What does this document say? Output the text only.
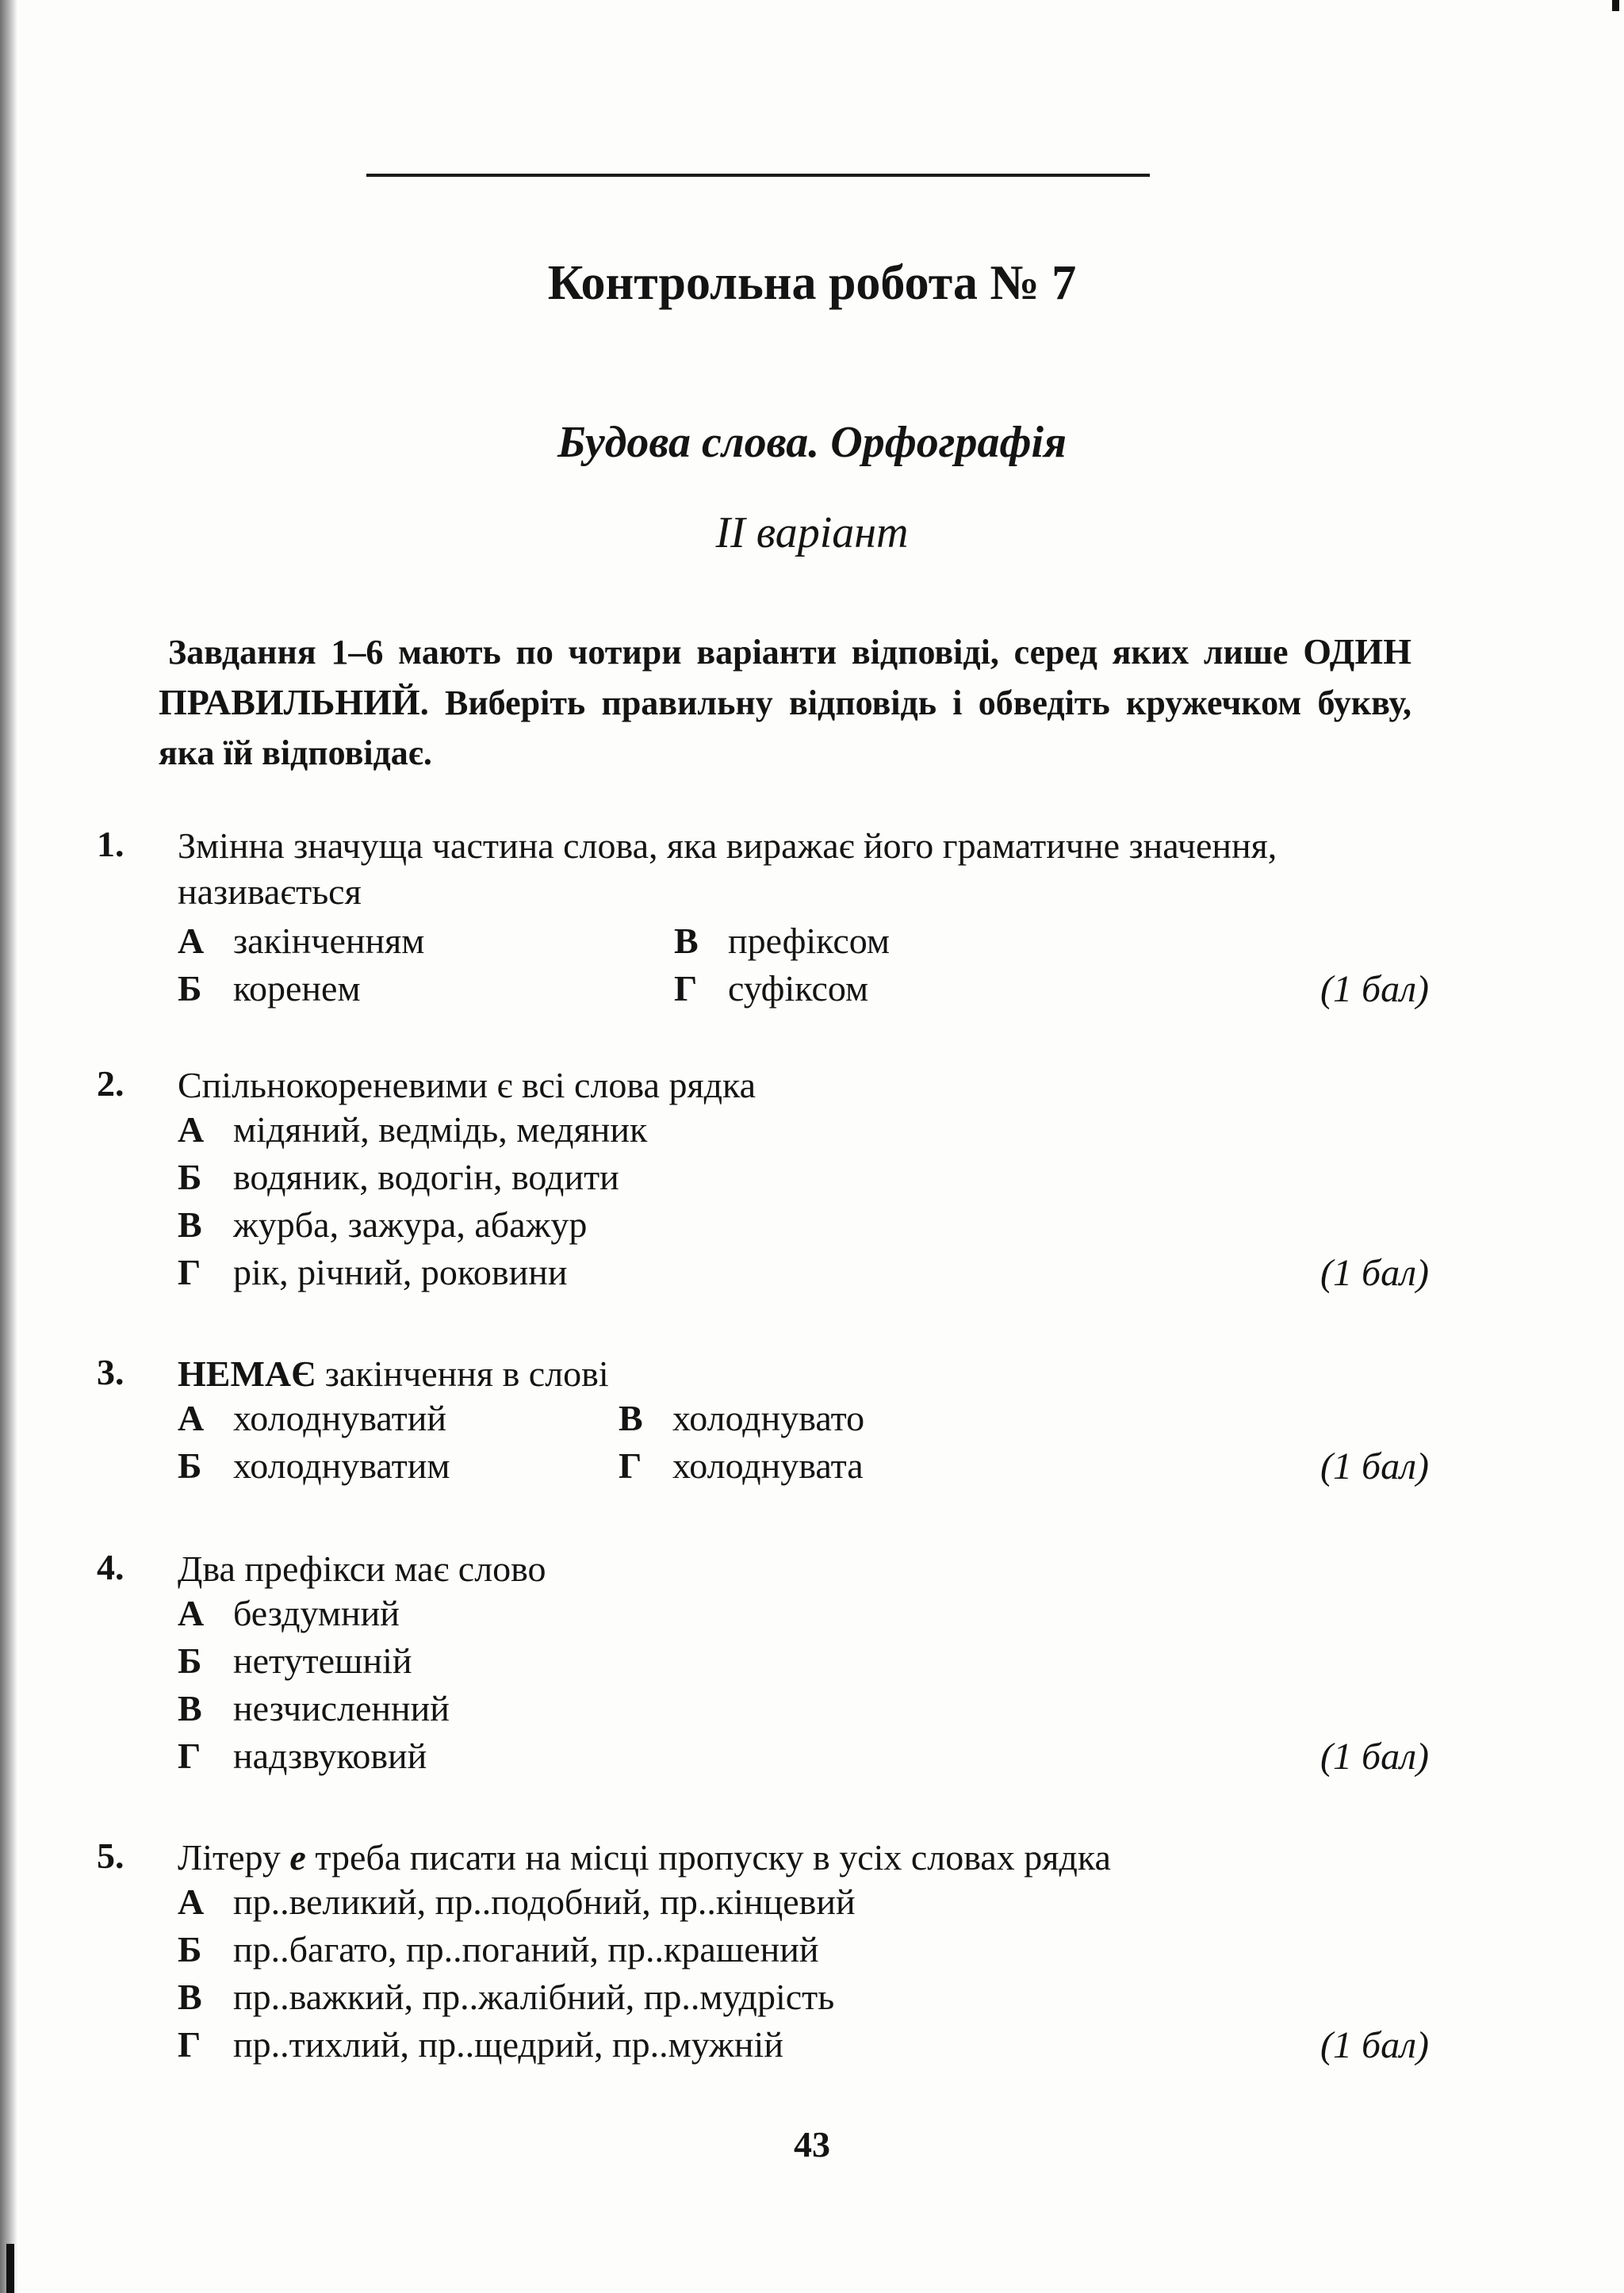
Контрольна робота № 7
Будова слова. Орфографія
ІІ варіант
Завдання 1–6 мають по чотири варіанти відповіді, серед яких лише ОДИН ПРАВИЛЬНИЙ. Виберіть правильну відповідь і обведіть кружечком букву, яка їй відповідає.
1. Змінна значуща частина слова, яка виражає його граматичне значення, називається
А закінченням	В префіксом
Б коренем	Г суфіксом	(1 бал)
2. Спільнокореневими є всі слова рядка
А мідяний, ведмідь, медяник
Б водяник, водогін, водити
В журба, зажура, абажур
Г рік, річний, роковини	(1 бал)
3. НЕМАЄ закінчення в слові
А холоднуватий	В холоднувато
Б холоднуватим	Г холоднувата	(1 бал)
4. Два префікси має слово
А бездумний
Б нетутешній
В незчисленний
Г надзвуковий	(1 бал)
5. Літеру е треба писати на місці пропуску в усіх словах рядка
А пр..великий, пр..подобний, пр..кінцевий
Б пр..багато, пр..поганий, пр..крашений
В пр..важкий, пр..жалібний, пр..мудрість
Г пр..тихлий, пр..щедрий, пр..мужній	(1 бал)
43
